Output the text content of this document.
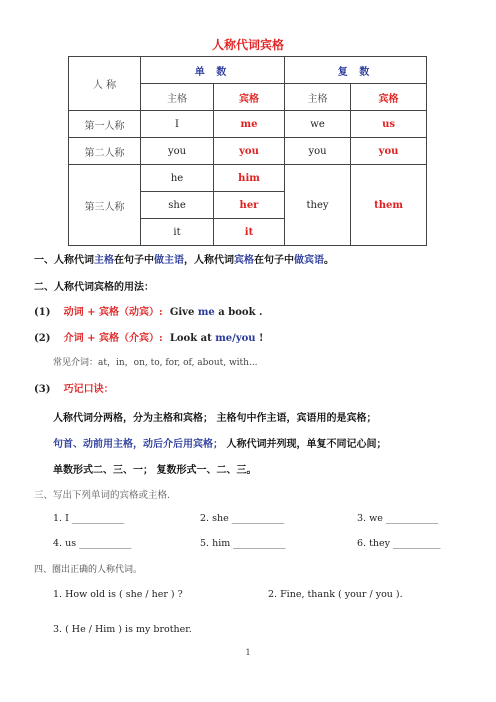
人称代词宾格
人 称	单 数		复 数	
	主格	宾格	主格	宾格
第一人称	I	me	we	us
第二人称	you	you	you	you
第三人称	he	him	they	them
	she	her		
	it	it		
一、人称代词主格在句子中做主语，人称代词宾格在句子中做宾语。
二、人称代词宾格的用法：
(1) 动词 + 宾格（动宾）: Give me a book .
(2) 介词 + 宾格（介宾）: Look at me/you !
常见介词：at，in，on, to, for, of, about, with...
(3) 巧记口诀：
人称代词分两格，分为主格和宾格； 主格句中作主语，宾语用的是宾格；
句首、动前用主格，动后介后用宾格； 人称代词并列现，单复不同记心间；
单数形式二、三、一； 复数形式一、二、三。
三、写出下列单词的宾格或主格.
1. I ___________	2. she ___________	3. we ___________
4. us ___________	5. him ___________	6. they __________
四、圈出正确的人称代词。
1. How old is ( she / her ) ?	2. Fine, thank ( your / you ).
3. ( He / Him ) is my brother.
1
